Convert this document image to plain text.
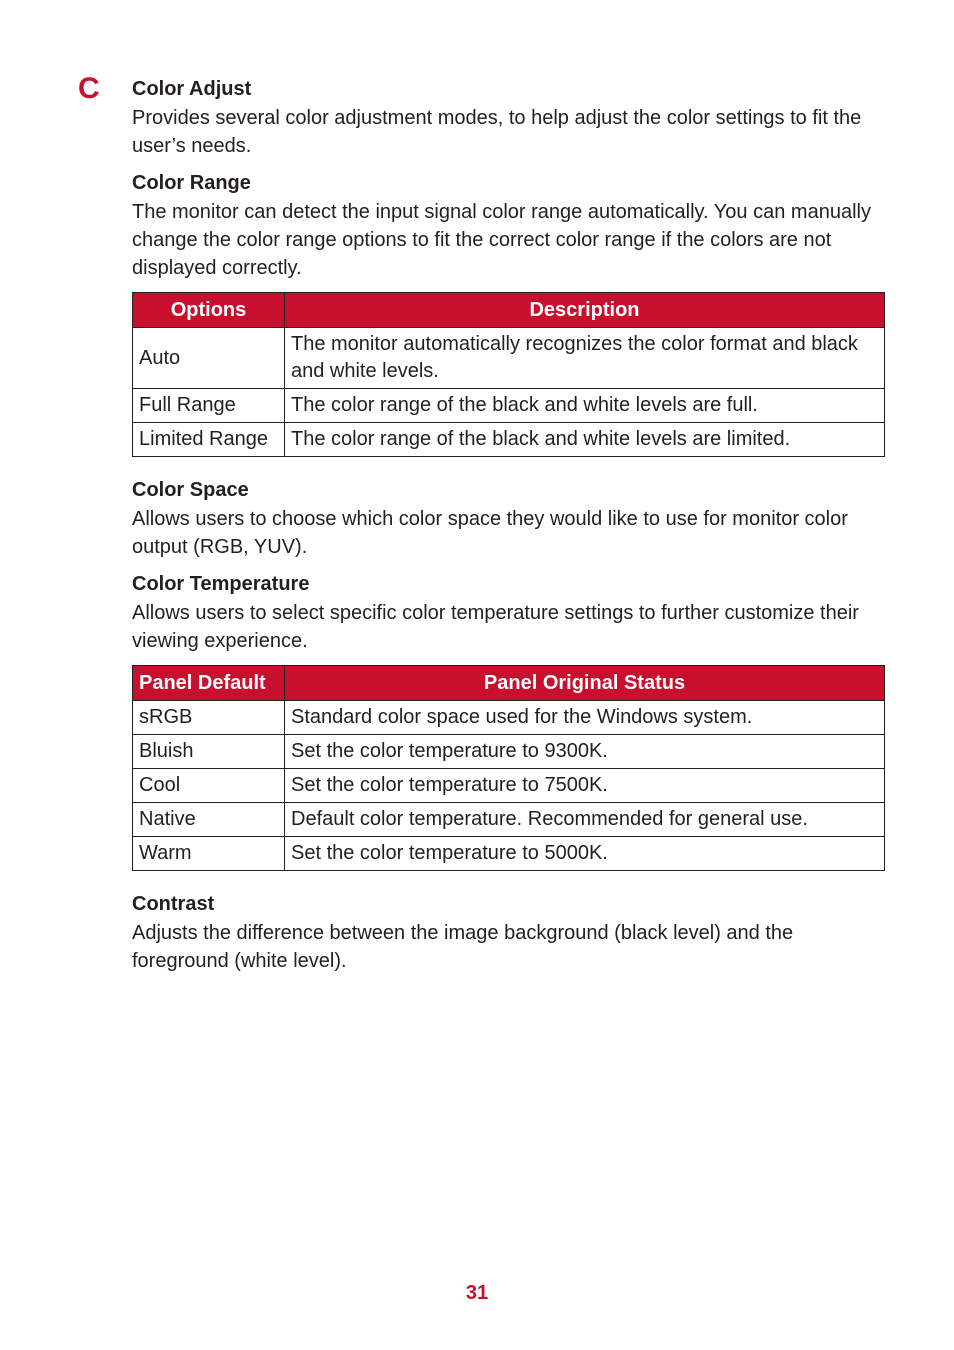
C Color Adjust

Provides several color adjustment modes, to help adjust the color settings to fit the user’s needs.

Color Range

The monitor can detect the input signal color range automatically. You can manually change the color range options to fit the correct color range if the colors are not displayed correctly.

Options	Description
Auto	The monitor automatically recognizes the color format and black and white levels.
Full Range	The color range of the black and white levels are full.
Limited Range	The color range of the black and white levels are limited.
Color Space

Allows users to choose which color space they would like to use for monitor color output (RGB, YUV).

Color Temperature

Allows users to select specific color temperature settings to further customize their viewing experience.

Panel Default	Panel Original Status
sRGB	Standard color space used for the Windows system.
Bluish	Set the color temperature to 9300K.
Cool	Set the color temperature to 7500K.
Native	Default color temperature. Recommended for general use.
Warm	Set the color temperature to 5000K.
Contrast

Adjusts the difference between the image background (black level) and the foreground (white level).

31
